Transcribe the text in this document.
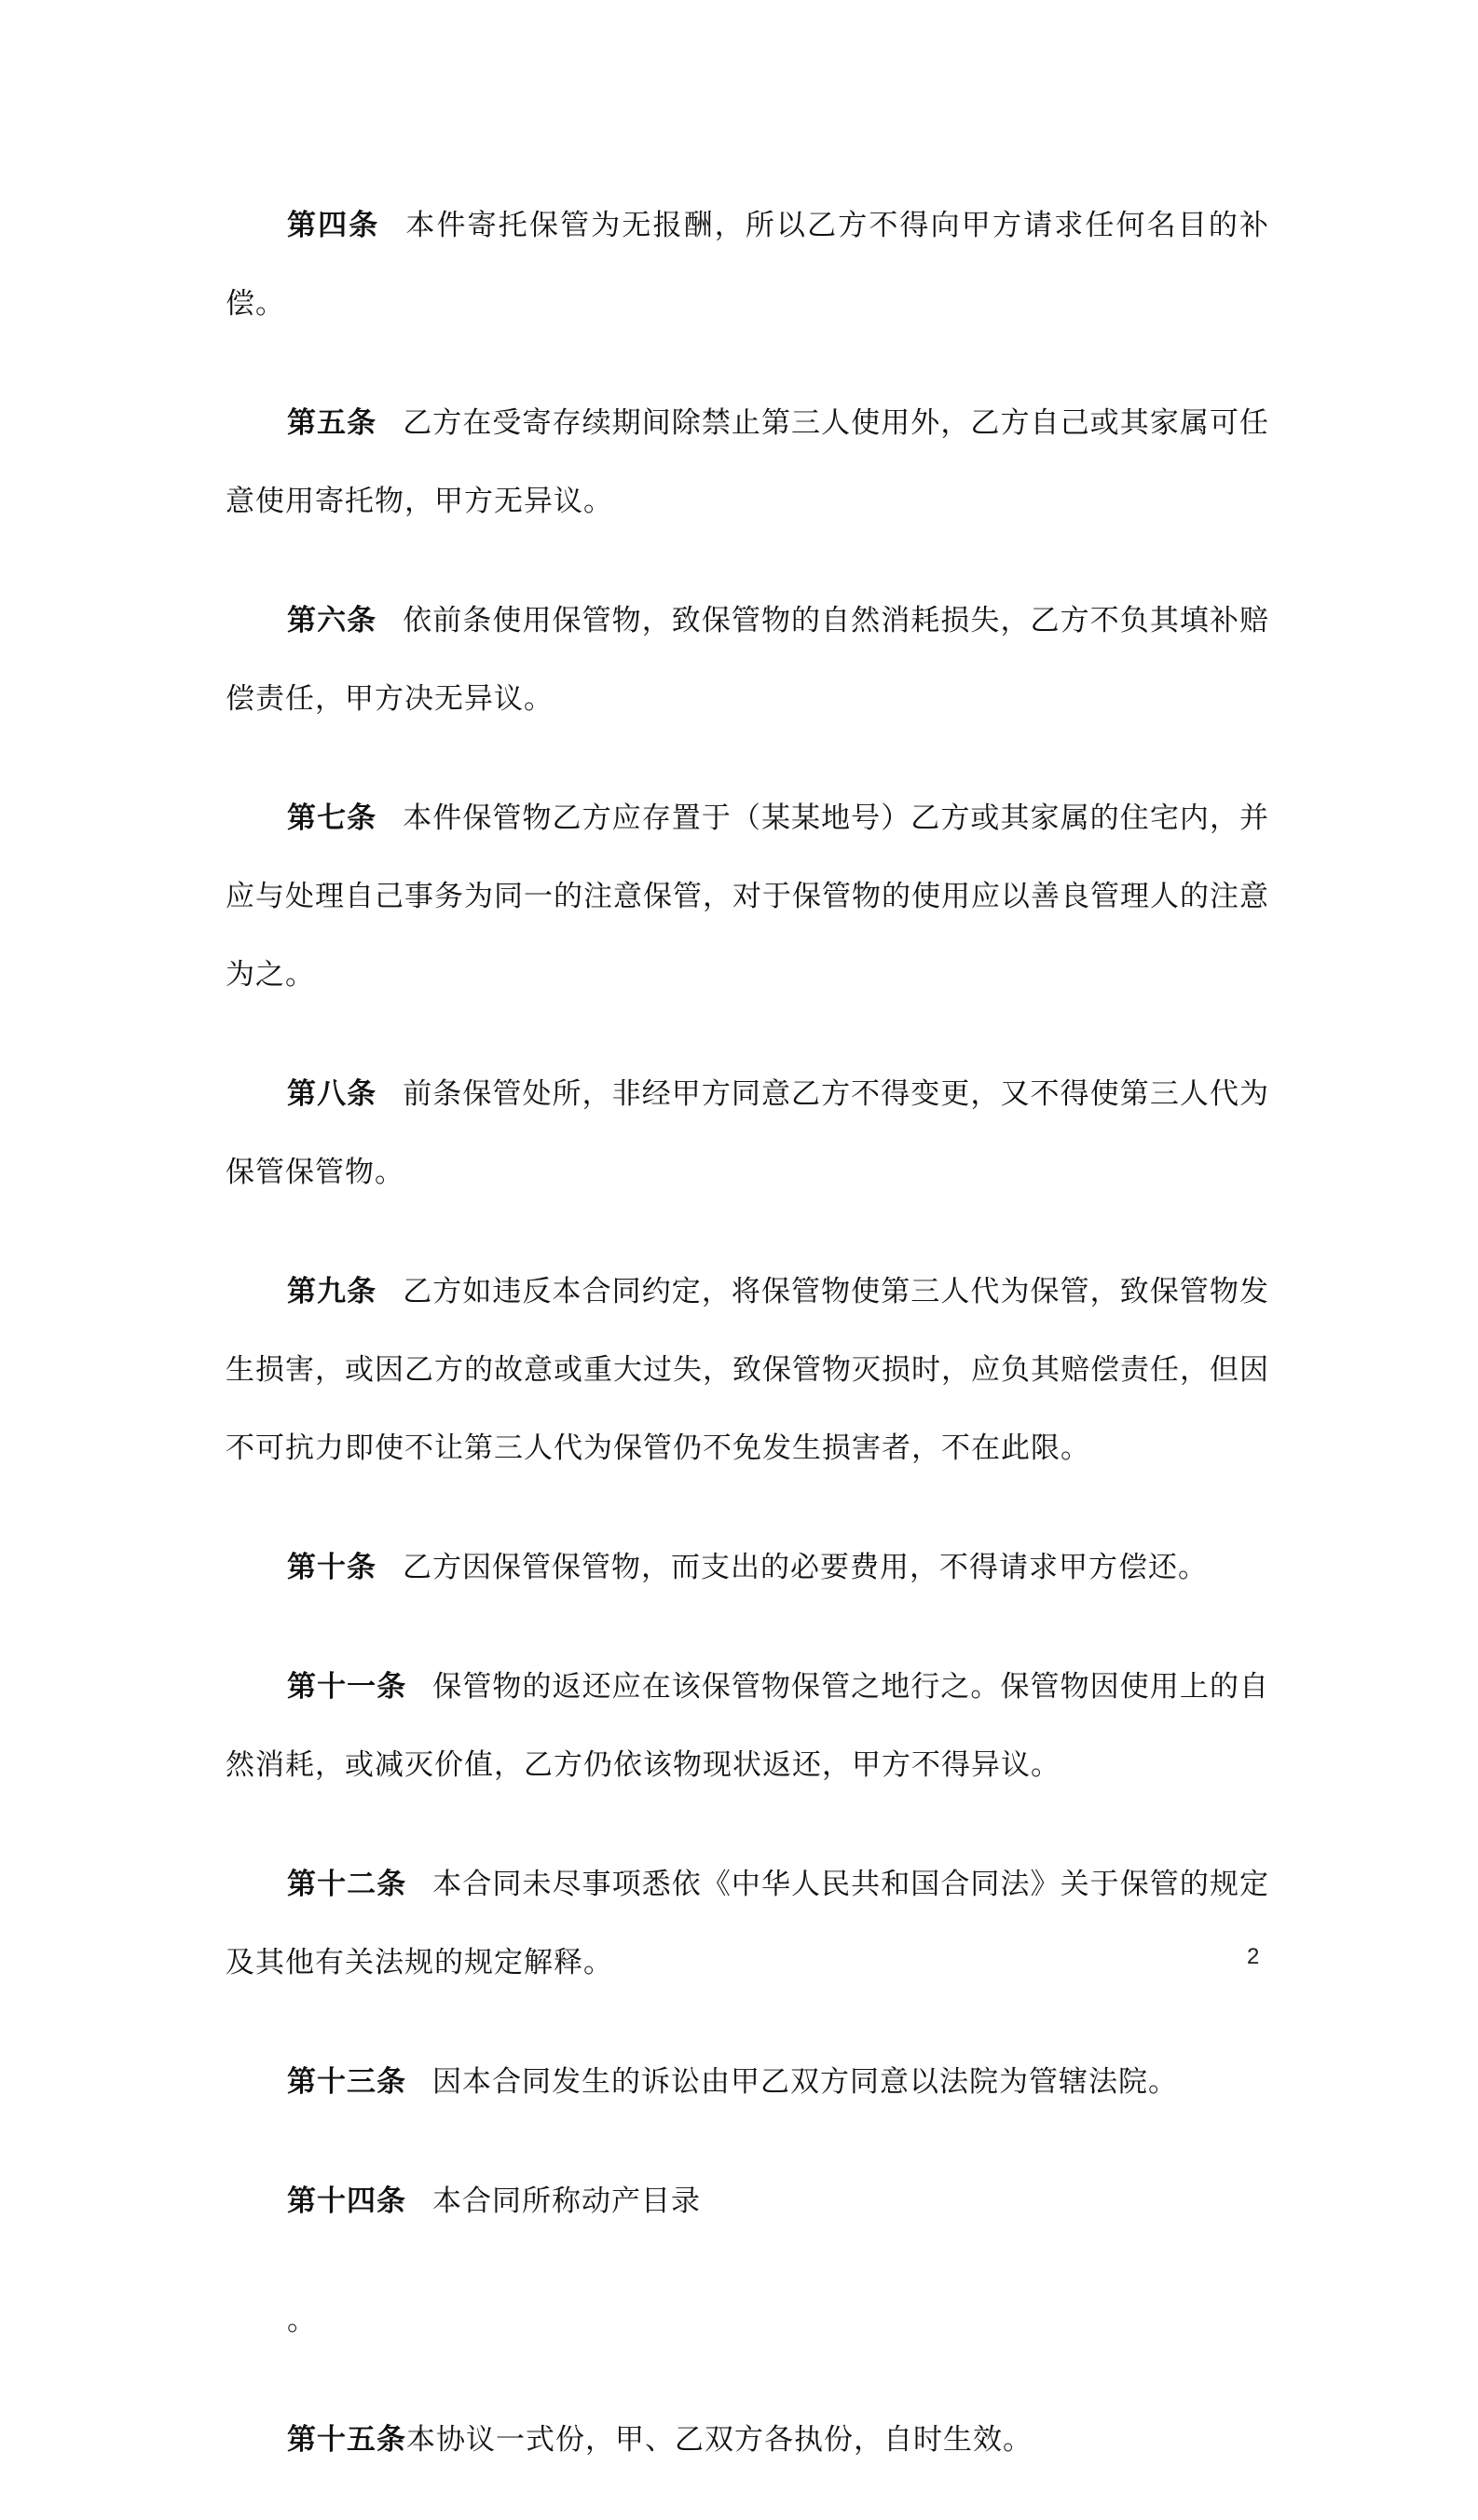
第四条 本件寄托保管为无报酬，所以乙方不得向甲方请求任何名目的补偿。

第五条 乙方在受寄存续期间除禁止第三人使用外，乙方自己或其家属可任意使用寄托物，甲方无异议。

第六条 依前条使用保管物，致保管物的自然消耗损失，乙方不负其填补赔偿责任，甲方决无异议。

第七条 本件保管物乙方应存置于（某某地号）乙方或其家属的住宅内，并应与处理自己事务为同一的注意保管，对于保管物的使用应以善良管理人的注意为之。

第八条 前条保管处所，非经甲方同意乙方不得变更，又不得使第三人代为保管保管物。

第九条 乙方如违反本合同约定，将保管物使第三人代为保管，致保管物发生损害，或因乙方的故意或重大过失，致保管物灭损时，应负其赔偿责任，但因不可抗力即使不让第三人代为保管仍不免发生损害者，不在此限。

第十条 乙方因保管保管物，而支出的必要费用，不得请求甲方偿还。

第十一条 保管物的返还应在该保管物保管之地行之。保管物因使用上的自然消耗，或减灭价值，乙方仍依该物现状返还，甲方不得异议。

第十二条 本合同未尽事项悉依《中华人民共和国合同法》关于保管的规定及其他有关法规的规定解释。

第十三条 因本合同发生的诉讼由甲乙双方同意以法院为管辖法院。

第十四条 本合同所称动产目录

。

第十五条本协议一式份，甲、乙双方各执份，自时生效。

2
